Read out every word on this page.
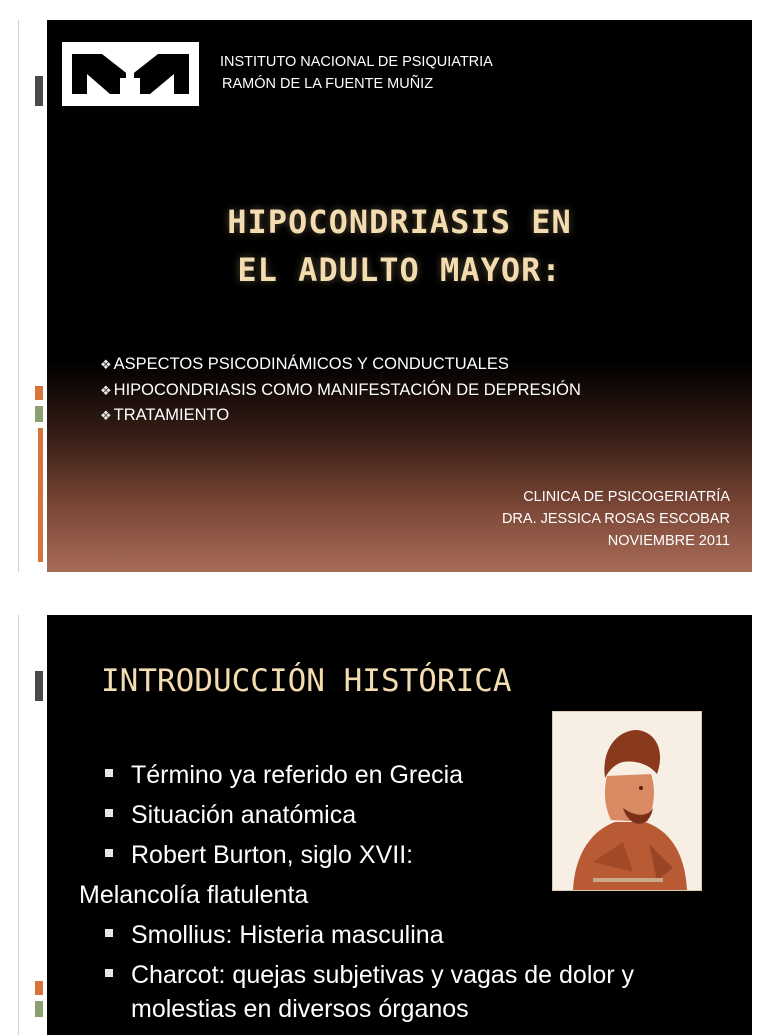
INSTITUTO NACIONAL DE PSIQUIATRIA
RAMÓN DE LA FUENTE MUÑIZ
HIPOCONDRIASIS EN
EL ADULTO MAYOR:
❖ ASPECTOS PSICODINÁMICOS Y CONDUCTUALES
❖ HIPOCONDRIASIS COMO MANIFESTACIÓN DE DEPRESIÓN
❖ TRATAMIENTO
CLINICA DE PSICOGERIATRÍA
DRA. JESSICA ROSAS ESCOBAR
NOVIEMBRE 2011
INTRODUCCIÓN HISTÓRICA
Término ya referido en Grecia
Situación anatómica
Robert Burton, siglo XVII:
Melancolía flatulenta
Smollius: Histeria masculina
Charcot: quejas subjetivas y vagas de dolor y
molestias en diversos órganos
